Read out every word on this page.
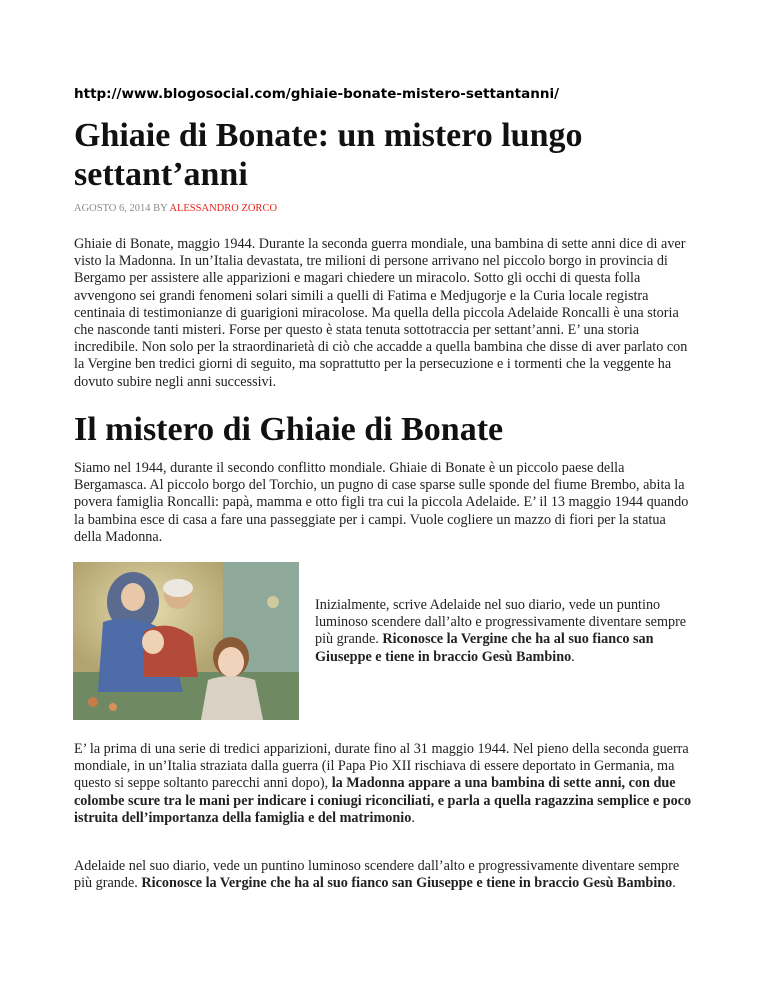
http://www.blogosocial.com/ghiaie-bonate-mistero-settantanni/
Ghiaie di Bonate: un mistero lungo settant’anni
AGOSTO 6, 2014 BY ALESSANDRO ZORCO

Ghiaie di Bonate, maggio 1944. Durante la seconda guerra mondiale, una bambina di sette anni dice di aver visto la Madonna. In un’Italia devastata, tre milioni di persone arrivano nel piccolo borgo in provincia di Bergamo per assistere alle apparizioni e magari chiedere un miracolo. Sotto gli occhi di questa folla avvengono sei grandi fenomeni solari simili a quelli di Fatima e Medjugorje e la Curia locale registra centinaia di testimonianze di guarigioni miracolose. Ma quella della piccola Adelaide Roncalli è una storia che nasconde tanti misteri. Forse per questo è stata tenuta sottotraccia per settant’anni. E’ una storia incredibile. Non solo per la straordinarietà di ciò che accadde a quella bambina che disse di aver parlato con la Vergine ben tredici giorni di seguito, ma soprattutto per la persecuzione e i tormenti che la veggente ha dovuto subire negli anni successivi.

Il mistero di Ghiaie di Bonate

Siamo nel 1944, durante il secondo conflitto mondiale. Ghiaie di Bonate è un piccolo paese della Bergamasca. Al piccolo borgo del Torchio, un pugno di case sparse sulle sponde del fiume Brembo, abita la povera famiglia Roncalli: papà, mamma e otto figli tra cui la piccola Adelaide. E’ il 13 maggio 1944 quando la bambina esce di casa a fare una passeggiate per i campi. Vuole cogliere un mazzo di fiori per la statua della Madonna.

Inizialmente, scrive Adelaide nel suo diario, vede un puntino luminoso scendere dall’alto e progressivamente diventare sempre più grande. Riconosce la Vergine che ha al suo fianco san Giuseppe e tiene in braccio Gesù Bambino.

E’ la prima di una serie di tredici apparizioni, durate fino al 31 maggio 1944. Nel pieno della seconda guerra mondiale, in un’Italia straziata dalla guerra (il Papa Pio XII rischiava di essere deportato in Germania, ma questo si seppe soltanto parecchi anni dopo), la Madonna appare a una bambina di sette anni, con due colombe scure tra le mani per indicare i coniugi riconciliati, e parla a quella ragazzina semplice e poco istruita dell’importanza della famiglia e del matrimonio.

Adelaide nel suo diario, vede un puntino luminoso scendere dall’alto e progressivamente diventare sempre più grande. Riconosce la Vergine che ha al suo fianco san Giuseppe e tiene in braccio Gesù Bambino.
